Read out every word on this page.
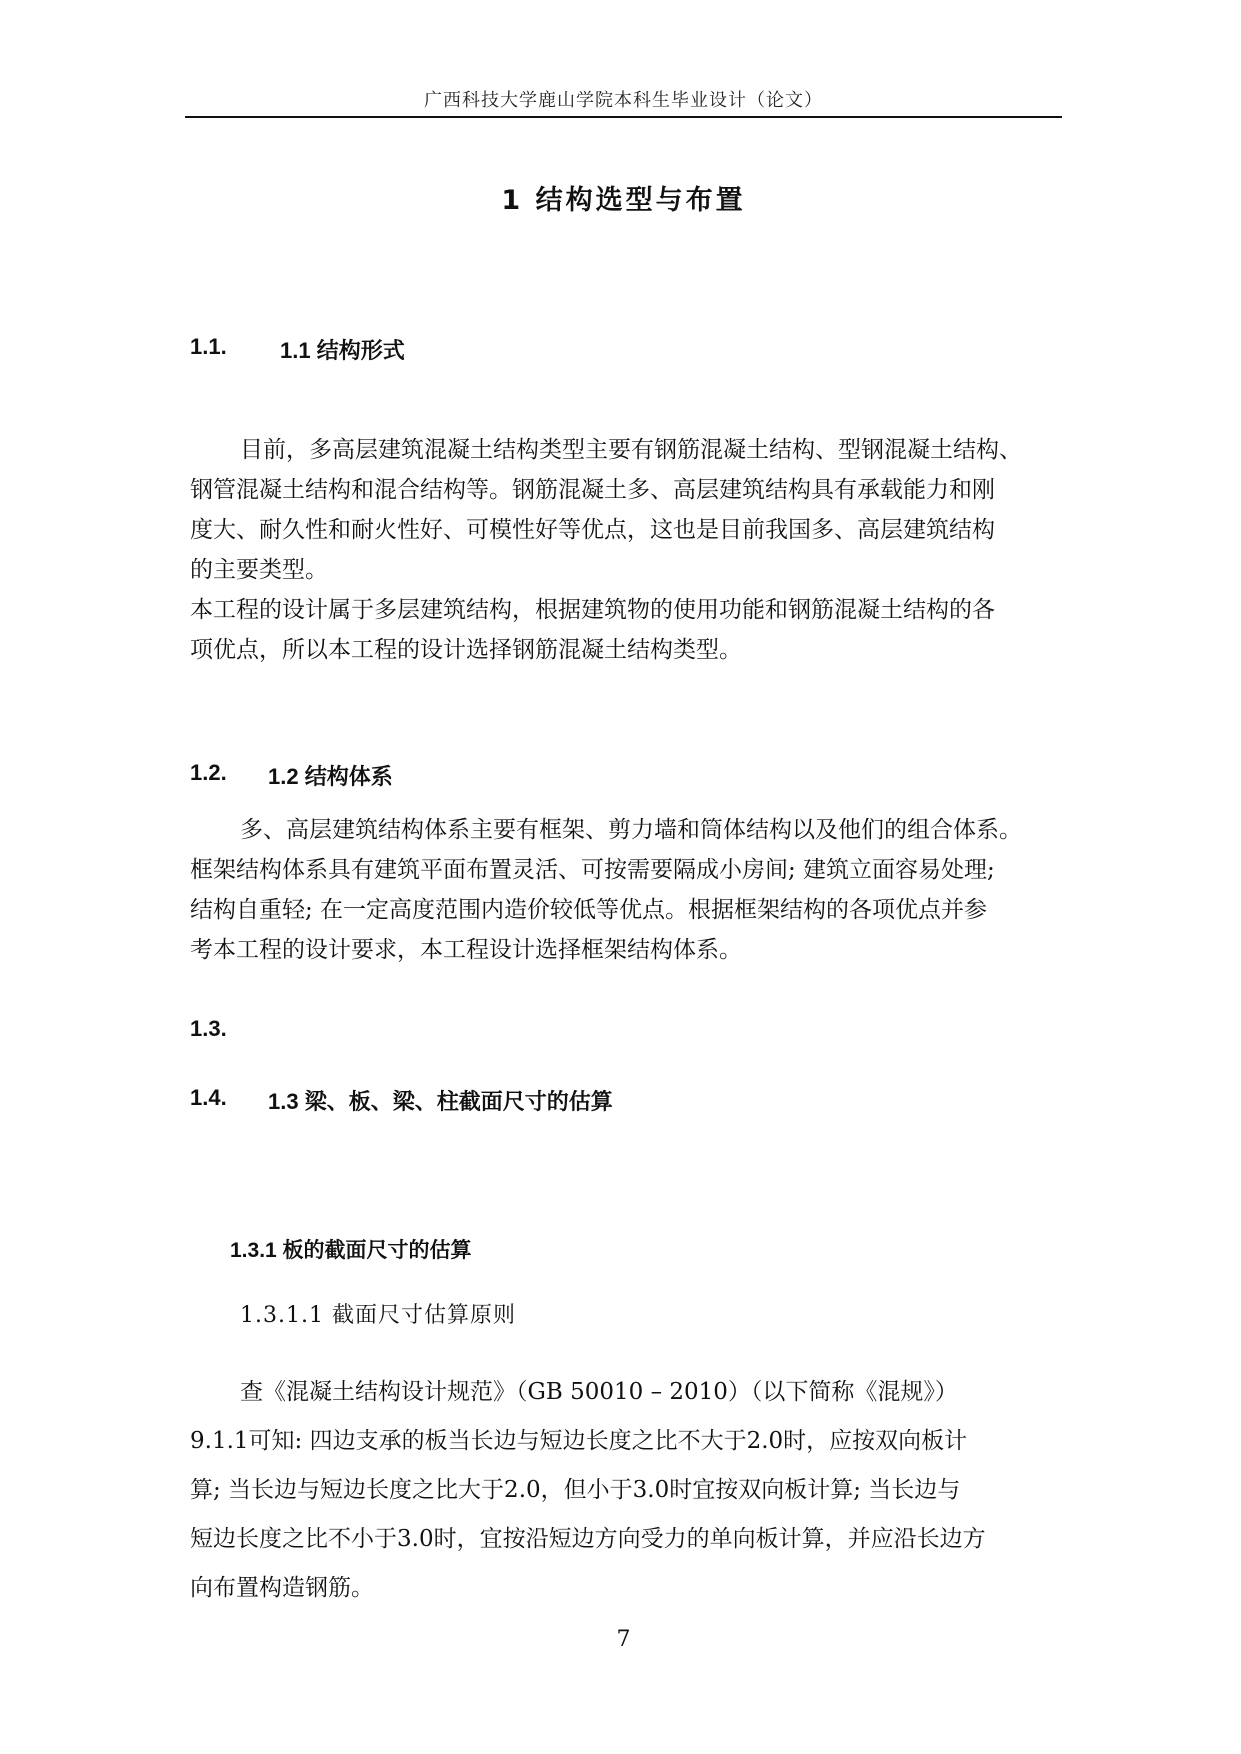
广西科技大学鹿山学院本科生毕业设计（论文）
1 结构选型与布置
1.1. 1.1 结构形式
目前，多高层建筑混凝土结构类型主要有钢筋混凝土结构、型钢混凝土结构、
钢管混凝土结构和混合结构等。钢筋混凝土多、高层建筑结构具有承载能力和刚
度大、耐久性和耐火性好、可模性好等优点，这也是目前我国多、高层建筑结构
的主要类型。
本工程的设计属于多层建筑结构，根据建筑物的使用功能和钢筋混凝土结构的各
项优点，所以本工程的设计选择钢筋混凝土结构类型。
1.2. 1.2 结构体系
多、高层建筑结构体系主要有框架、剪力墙和筒体结构以及他们的组合体系。
框架结构体系具有建筑平面布置灵活、可按需要隔成小房间; 建筑立面容易处理;
结构自重轻; 在一定高度范围内造价较低等优点。根据框架结构的各项优点并参
考本工程的设计要求，本工程设计选择框架结构体系。
1.3.
1.4. 1.3 梁、板、梁、柱截面尺寸的估算
1.3.1 板的截面尺寸的估算
1.3.1.1 截面尺寸估算原则
查《混凝土结构设计规范》（GB 50010 – 2010）（以下简称《混规》）
9.1.1可知: 四边支承的板当长边与短边长度之比不大于2.0时，应按双向板计
算; 当长边与短边长度之比大于2.0，但小于3.0时宜按双向板计算; 当长边与
短边长度之比不小于3.0时，宜按沿短边方向受力的单向板计算，并应沿长边方
向布置构造钢筋。
7
